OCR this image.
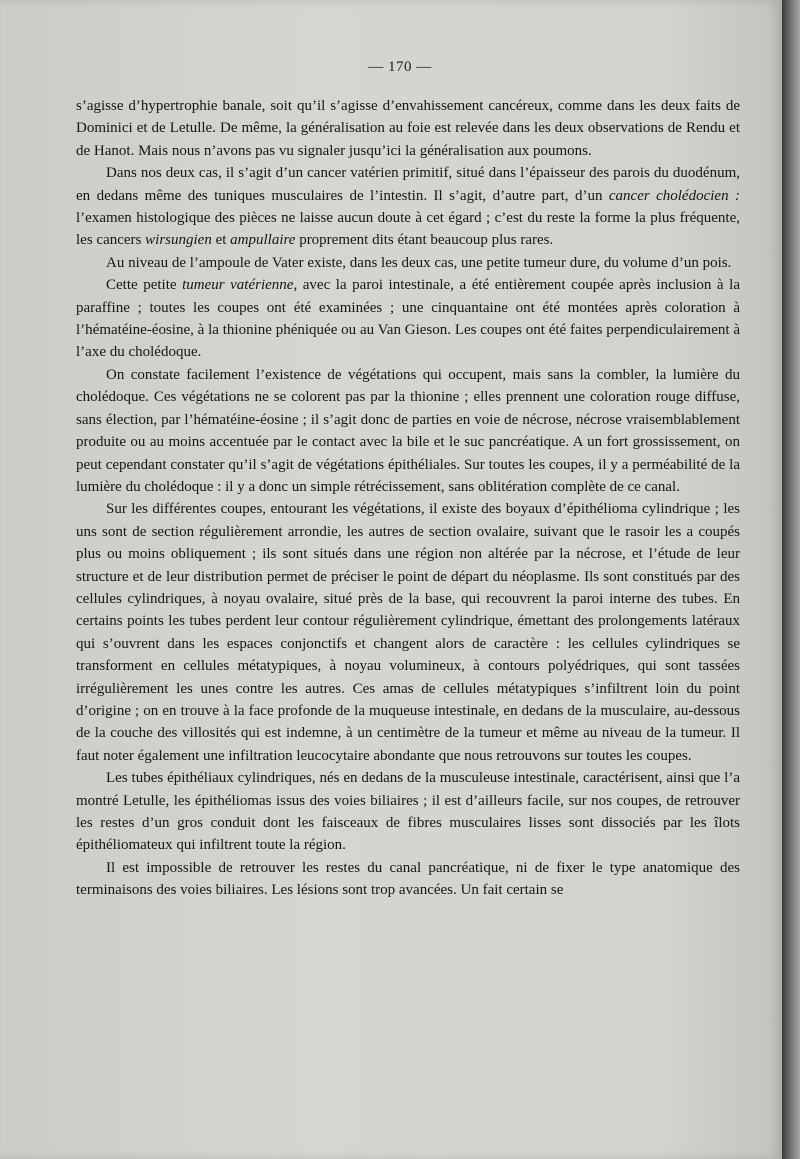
— 170 —

s’agisse d’hypertrophie banale, soit qu’il s’agisse d’envahissement cancéreux, comme dans les deux faits de Dominici et de Letulle. De même, la généralisation au foie est relevée dans les deux observations de Rendu et de Hanot. Mais nous n’avons pas vu signaler jusqu’ici la généralisation aux poumons.

Dans nos deux cas, il s’agit d’un cancer vatérien primitif, situé dans l’épaisseur des parois du duodénum, en dedans même des tuniques musculaires de l’intestin. Il s’agit, d’autre part, d’un cancer cholédocien : l’examen histologique des pièces ne laisse aucun doute à cet égard ; c’est du reste la forme la plus fréquente, les cancers wirsungien et ampullaire proprement dits étant beaucoup plus rares.

Au niveau de l’ampoule de Vater existe, dans les deux cas, une petite tumeur dure, du volume d’un pois.

Cette petite tumeur vatérienne, avec la paroi intestinale, a été entièrement coupée après inclusion à la paraffine ; toutes les coupes ont été examinées ; une cinquantaine ont été montées après coloration à l’hématéine-éosine, à la thionine phéniquée ou au Van Gieson. Les coupes ont été faites perpendiculairement à l’axe du cholédoque.

On constate facilement l’existence de végétations qui occupent, mais sans la combler, la lumière du cholédoque. Ces végétations ne se colorent pas par la thionine ; elles prennent une coloration rouge diffuse, sans élection, par l’hématéine-éosine ; il s’agit donc de parties en voie de nécrose, nécrose vraisemblablement produite ou au moins accentuée par le contact avec la bile et le suc pancréatique. A un fort grossissement, on peut cependant constater qu’il s’agit de végétations épithéliales. Sur toutes les coupes, il y a perméabilité de la lumière du cholédoque : il y a donc un simple rétrécissement, sans oblitération complète de ce canal.

Sur les différentes coupes, entourant les végétations, il existe des boyaux d’épithélioma cylindrique ; les uns sont de section régulièrement arrondie, les autres de section ovalaire, suivant que le rasoir les a coupés plus ou moins obliquement ; ils sont situés dans une région non altérée par la nécrose, et l’étude de leur structure et de leur distribution permet de préciser le point de départ du néoplasme. Ils sont constitués par des cellules cylindriques, à noyau ovalaire, situé près de la base, qui recouvrent la paroi interne des tubes. En certains points les tubes perdent leur contour régulièrement cylindrique, émettant des prolongements latéraux qui s’ouvrent dans les espaces conjonctifs et changent alors de caractère : les cellules cylindriques se transforment en cellules métatypiques, à noyau volumineux, à contours polyédriques, qui sont tassées irrégulièrement les unes contre les autres. Ces amas de cellules métatypiques s’infiltrent loin du point d’origine ; on en trouve à la face profonde de la muqueuse intestinale, en dedans de la musculaire, au-dessous de la couche des villosités qui est indemne, à un centimètre de la tumeur et même au niveau de la tumeur. Il faut noter également une infiltration leucocytaire abondante que nous retrouvons sur toutes les coupes.

Les tubes épithéliaux cylindriques, nés en dedans de la musculeuse intestinale, caractérisent, ainsi que l’a montré Letulle, les épithéliomas issus des voies biliaires ; il est d’ailleurs facile, sur nos coupes, de retrouver les restes d’un gros conduit dont les faisceaux de fibres musculaires lisses sont dissociés par les îlots épithéliomateux qui infiltrent toute la région.

Il est impossible de retrouver les restes du canal pancréatique, ni de fixer le type anatomique des terminaisons des voies biliaires. Les lésions sont trop avancées. Un fait certain se
